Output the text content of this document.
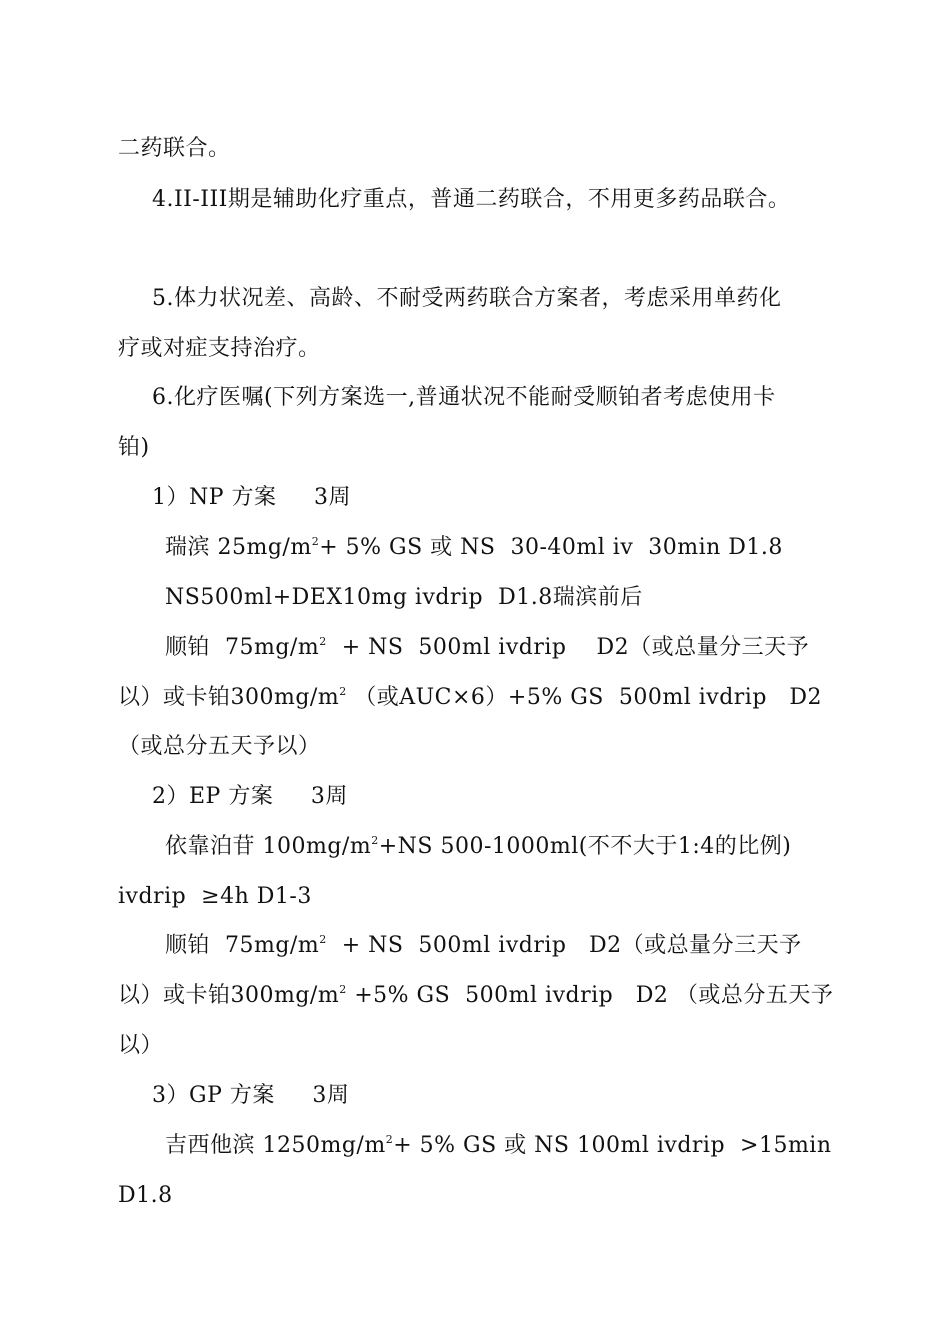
二药联合。

4.II-III期是辅助化疗重点，普通二药联合，不用更多药品联合。

5.体力状况差、高龄、不耐受两药联合方案者，考虑采用单药化

疗或对症支持治疗。

6.化疗医嘱(下列方案选一,普通状况不能耐受顺铂者考虑使用卡

铂)

1）NP 方案     3周

瑞滨 $25mg/m^2+ 5\%$ GS 或 NS  30-40ml iv  30min D1.8

NS500ml+DEX10mg ivdrip  D1.8瑞滨前后

顺铂  $75mg/m^2$  + NS  500ml ivdrip    D2（或总量分三天予

以）或卡铂$300mg/m^2$ （或AUC×6）+5% GS  500ml ivdrip   D2

（或总分五天予以）

2）EP 方案     3周

依靠泊苷 $100mg/m^2+NS$ 500-1000ml(不不大于1:4的比例)

ivdrip  ≥4h D1-3

顺铂  $75mg/m^2$  + NS  500ml ivdrip   D2（或总量分三天予

以）或卡铂$300mg/m^2 +5\%$ GS  500ml ivdrip   D2 （或总分五天予

以）

3）GP 方案     3周

吉西他滨 $1250mg/m^2+ 5\%$ GS 或 NS 100ml ivdrip  >15min

D1.8
